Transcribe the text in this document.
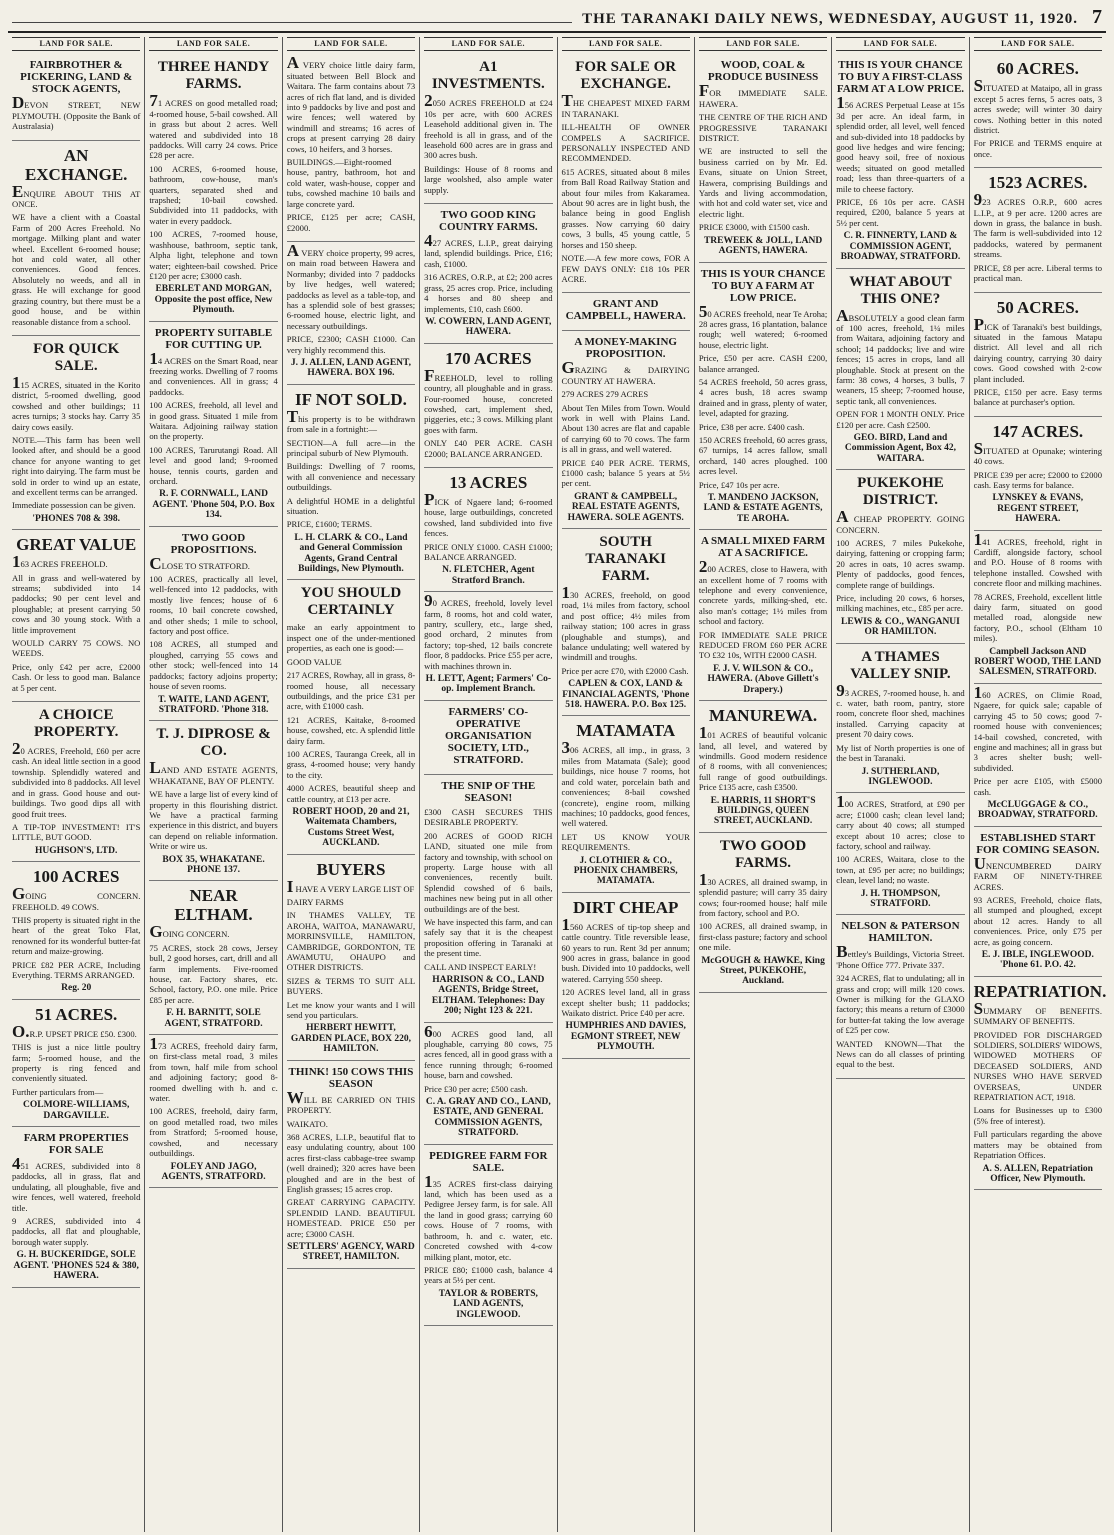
THE TARANAKI DAILY NEWS, WEDNESDAY, AUGUST 11, 1920. 7
LAND FOR SALE.
FAIRBROTHER & PICKERING, LAND & STOCK AGENTS,

DEVON STREET, NEW PLYMOUTH. (Opposite the Bank of Australasia)

AN EXCHANGE.

ENQUIRE ABOUT THIS AT ONCE.

WE have a client with a Coastal Farm of 200 Acres Freehold. No mortgage. Milking plant and water wheel. Excellent 6-roomed house; hot and cold water, all other conveniences. Good fences. Absolutely no weeds, and all in grass. He will exchange for good grazing country, but there must be a good house, and be within reasonable distance from a school.

FOR QUICK SALE.

115 ACRES, situated in the Korito district, 5-roomed dwelling, good cowshed and other buildings; 11 acres turnips; 3 stocks hay. Carry 35 dairy cows easily.

NOTE.—This farm has been well looked after, and should be a good chance for anyone wanting to get right into dairying. The farm must be sold in order to wind up an estate, and excellent terms can be arranged.

Immediate possession can be given.

'PHONES 708 & 398.
GREAT VALUE

163 ACRES FREEHOLD.

All in grass and well-watered by streams; subdivided into 14 paddocks; 90 per cent level and ploughable; at present carrying 50 cows and 30 young stock. With a little improvement

WOULD CARRY 75 COWS. NO WEEDS.

Price, only £42 per acre, £2000 Cash. Or less to good man. Balance at 5 per cent.

A CHOICE PROPERTY.

20 ACRES, Freehold, £60 per acre cash. An ideal little section in a good township. Splendidly watered and subdivided into 8 paddocks. All level and in grass. Good house and out-buildings. Two good dips all with good fruit trees.

A TIP-TOP INVESTMENT! IT'S LITTLE, BUT GOOD.

HUGHSON'S, LTD.
100 ACRES

GOING CONCERN. FREEHOLD. 49 COWS.

THIS property is situated right in the heart of the great Toko Flat, renowned for its wonderful butter-fat return and maize-growing.

PRICE £82 PER ACRE, Including Everything. TERMS ARRANGED.

Reg. 20
51 ACRES.

O.R.P. UPSET PRICE £50. £300.

THIS is just a nice little poultry farm; 5-roomed house, and the property is ring fenced and conveniently situated.

Further particulars from—

COLMORE-WILLIAMS, DARGAVILLE.
FARM PROPERTIES FOR SALE

451 ACRES, subdivided into 8 paddocks, all in grass, flat and undulating, all ploughable, five and wire fences, well watered, freehold title.

9 ACRES, subdivided into 4 paddocks, all flat and ploughable, borough water supply.

G. H. BUCKERIDGE, SOLE AGENT. 'PHONES 524 & 380, HAWERA.
LAND FOR SALE.
THREE HANDY FARMS.

71 ACRES on good metalled road; 4-roomed house, 5-bail cowshed. All in grass but about 2 acres. Well watered and subdivided into 18 paddocks. Will carry 24 cows. Price £28 per acre.

100 ACRES, 6-roomed house, bathroom, cow-house, man's quarters, separated shed and trapshed; 10-bail cowshed. Subdivided into 11 paddocks, with water in every paddock.

100 ACRES, 7-roomed house, washhouse, bathroom, septic tank, Alpha light, telephone and town water; eighteen-bail cowshed. Price £120 per acre; £3000 cash.

EBERLET AND MORGAN, Opposite the post office, New Plymouth.
PROPERTY SUITABLE FOR CUTTING UP.

14 ACRES on the Smart Road, near freezing works. Dwelling of 7 rooms and conveniences. All in grass; 4 paddocks.

100 ACRES, freehold, all level and in good grass. Situated 1 mile from Waitara. Adjoining railway station on the property.

100 ACRES, Tarurutangi Road. All level and good land; 9-roomed house, tennis courts, garden and orchard.

R. F. CORNWALL, LAND AGENT. 'Phone 504, P.O. Box 134.
TWO GOOD PROPOSITIONS.

CLOSE TO STRATFORD.

100 ACRES, practically all level, well-fenced into 12 paddocks, with mostly live fences; house of 6 rooms, 10 bail concrete cowshed, and other sheds; 1 mile to school, factory and post office.

108 ACRES, all stumped and ploughed, carrying 55 cows and other stock; well-fenced into 14 paddocks; factory adjoins property; house of seven rooms.

T. WAITE, LAND AGENT, STRATFORD. 'Phone 318.
T. J. DIPROSE & CO.

LAND AND ESTATE AGENTS, WHAKATANE, BAY OF PLENTY.

WE have a large list of every kind of property in this flourishing district. We have a practical farming experience in this district, and buyers can depend on reliable information. Write or wire us.

BOX 35, WHAKATANE. PHONE 137.
NEAR ELTHAM.

GOING CONCERN.

75 ACRES, stock 28 cows, Jersey bull, 2 good horses, cart, drill and all farm implements. Five-roomed house, car. Factory shares, etc. School, factory, P.O. one mile. Price £85 per acre.

F. H. BARNITT, SOLE AGENT, STRATFORD.

173 ACRES, freehold dairy farm, on first-class metal road, 3 miles from town, half mile from school and adjoining factory; good 8-roomed dwelling with h. and c. water.

100 ACRES, freehold, dairy farm, on good metalled road, two miles from Stratford; 5-roomed house, cowshed, and necessary outbuildings.

FOLEY AND JAGO, AGENTS, STRATFORD.
LAND FOR SALE.

A VERY choice little dairy farm, situated between Bell Block and Waitara. The farm contains about 73 acres of rich flat land, and is divided into 9 paddocks by live and post and wire fences; well watered by windmill and streams; 16 acres of crops at present carrying 28 dairy cows, 10 heifers, and 3 horses.

BUILDINGS.—Eight-roomed house, pantry, bathroom, hot and cold water, wash-house, copper and tubs, cowshed machine 10 bails and large concrete yard.

PRICE, £125 per acre; CASH, £2000.

A VERY choice property, 99 acres, on main road between Hawera and Normanby; divided into 7 paddocks by live hedges, well watered; paddocks as level as a table-top, and has a splendid sole of best grasses; 6-roomed house, electric light, and necessary outbuildings.

PRICE, £2300; CASH £1000. Can very highly recommend this.

J. J. ALLEN, LAND AGENT, HAWERA. BOX 196.
IF NOT SOLD.

This property is to be withdrawn from sale in a fortnight:—

SECTION—A full acre—in the principal suburb of New Plymouth.

Buildings: Dwelling of 7 rooms, with all convenience and necessary outbuildings.

A delightful HOME in a delightful situation.

PRICE, £1600; TERMS.

L. H. CLARK & CO., Land and General Commission Agents, Grand Central Buildings, New Plymouth.
YOU SHOULD CERTAINLY

make an early appointment to inspect one of the under-mentioned properties, as each one is good:—

GOOD VALUE

217 ACRES, Rowhay, all in grass, 8-roomed house, all necessary outbuildings, and the price £31 per acre, with £1000 cash.

121 ACRES, Kaitake, 8-roomed house, cowshed, etc. A splendid little dairy farm.

100 ACRES, Tauranga Creek, all in grass, 4-roomed house; very handy to the city.

4000 ACRES, beautiful sheep and cattle country, at £13 per acre.

ROBERT HOOD, 20 and 21, Waitemata Chambers, Customs Street West, AUCKLAND.
BUYERS

I HAVE A VERY LARGE LIST OF

DAIRY FARMS

IN THAMES VALLEY, TE AROHA, WAITOA, MANAWARU, MORRINSVILLE, HAMILTON, CAMBRIDGE, GORDONTON, TE AWAMUTU, OHAUPO and OTHER DISTRICTS.

SIZES & TERMS TO SUIT ALL BUYERS.

Let me know your wants and I will send you particulars.

HERBERT HEWITT, GARDEN PLACE, BOX 220, HAMILTON.
THINK! 150 COWS THIS SEASON

WILL BE CARRIED ON THIS PROPERTY.

WAIKATO.

368 ACRES, L.I.P., beautiful flat to easy undulating country, about 100 acres first-class cabbage-tree swamp (well drained); 320 acres have been ploughed and are in the best of English grasses; 15 acres crop.

GREAT CARRYING CAPACITY. SPLENDID LAND. BEAUTIFUL HOMESTEAD. PRICE £50 per acre; £3000 CASH.

SETTLERS' AGENCY, WARD STREET, HAMILTON.
LAND FOR SALE.
A1 INVESTMENTS.

2050 ACRES FREEHOLD at £24 10s per acre, with 600 ACRES Leasehold additional given in. The freehold is all in grass, and of the leasehold 600 acres are in grass and 300 acres bush.

Buildings: House of 8 rooms and large woolshed, also ample water supply.

TWO GOOD KING COUNTRY FARMS.

427 ACRES, L.I.P., great dairying land, splendid buildings. Price, £16; cash, £1000.

316 ACRES, O.R.P., at £2; 200 acres grass, 25 acres crop. Price, including 4 horses and 80 sheep and implements, £10, cash £600.

W. COWERN, LAND AGENT, HAWERA.
170 ACRES

FREEHOLD, level to rolling country, all ploughable and in grass. Four-roomed house, concreted cowshed, cart, implement shed, piggeries, etc.; 3 cows. Milking plant goes with farm.

ONLY £40 PER ACRE. CASH £2000; BALANCE ARRANGED.

13 ACRES

PICK of Ngaere land; 6-roomed house, large outbuildings, concreted cowshed, land subdivided into five fences.

PRICE ONLY £1000. CASH £1000; BALANCE ARRANGED.

N. FLETCHER, Agent Stratford Branch.

90 ACRES, freehold, lovely level farm, 8 rooms, hot and cold water, pantry, scullery, etc., large shed, good orchard, 2 minutes from factory; top-shed, 12 bails concrete floor, 8 paddocks. Price £55 per acre, with machines thrown in.

H. LETT, Agent; Farmers' Co-op. Implement Branch.
FARMERS' CO-OPERATIVE ORGANISATION SOCIETY, LTD., STRATFORD.
THE SNIP OF THE SEASON!

£300 CASH SECURES THIS DESIRABLE PROPERTY.

200 ACRES of GOOD RICH LAND, situated one mile from factory and township, with school on property. Large house with all conveniences, recently built. Splendid cowshed of 6 bails, machines new being put in all other outbuildings are of the best.

We have inspected this farm, and can safely say that it is the cheapest proposition offering in Taranaki at the present time.

CALL AND INSPECT EARLY!

HARRISON & CO., LAND AGENTS, Bridge Street, ELTHAM. Telephones: Day 200; Night 123 & 221.

600 ACRES good land, all ploughable, carrying 80 cows, 75 acres fenced, all in good grass with a fence running through; 6-roomed house, barn and cowshed.

Price £30 per acre; £500 cash.

C. A. GRAY AND CO., LAND, ESTATE, AND GENERAL COMMISSION AGENTS, STRATFORD.
PEDIGREE FARM FOR SALE.

135 ACRES first-class dairying land, which has been used as a Pedigree Jersey farm, is for sale. All the land in good grass; carrying 60 cows. House of 7 rooms, with bathroom, h. and c. water, etc. Concreted cowshed with 4-cow milking plant, motor, etc.

PRICE £80; £1000 cash, balance 4 years at 5½ per cent.

TAYLOR & ROBERTS, LAND AGENTS, INGLEWOOD.
LAND FOR SALE.
FOR SALE OR EXCHANGE.

THE CHEAPEST MIXED FARM IN TARANAKI.

ILL-HEALTH OF OWNER COMPELS A SACRIFICE. PERSONALLY INSPECTED AND RECOMMENDED.

615 ACRES, situated about 8 miles from Ball Road Railway Station and about four miles from Kakaramea. About 90 acres are in light bush, the balance being in good English grasses. Now carrying 60 dairy cows, 3 bulls, 45 young cattle, 5 horses and 150 sheep.

NOTE.—A few more cows, FOR A FEW DAYS ONLY: £18 10s PER ACRE.

GRANT AND CAMPBELL, HAWERA.
A MONEY-MAKING PROPOSITION.

GRAZING & DAIRYING COUNTRY AT HAWERA.

279 ACRES 279 ACRES

About Ten Miles from Town. Would work in well with Plains Land. About 130 acres are flat and capable of carrying 60 to 70 cows. The farm is all in grass, and well watered.

PRICE £40 PER ACRE. TERMS, £1000 cash; balance 5 years at 5½ per cent.

GRANT & CAMPBELL, REAL ESTATE AGENTS, HAWERA. SOLE AGENTS.
SOUTH TARANAKI FARM.

130 ACRES, freehold, on good road, 1¼ miles from factory, school and post office; 4½ miles from railway station; 100 acres in grass (ploughable and stumps), and balance undulating; well watered by windmill and troughs.

Price per acre £70, with £2000 Cash.

CAPLEN & COX, LAND & FINANCIAL AGENTS, 'Phone 518. HAWERA. P.O. Box 125.
MATAMATA

306 ACRES, all imp., in grass, 3 miles from Matamata (Sale); good buildings, nice house 7 rooms, hot and cold water, porcelain bath and conveniences; 8-bail cowshed (concrete), engine room, milking machines; 10 paddocks, good fences, well watered.

LET US KNOW YOUR REQUIREMENTS.

J. CLOTHIER & CO., PHOENIX CHAMBERS, MATAMATA.
DIRT CHEAP

1560 ACRES of tip-top sheep and cattle country. Title reversible lease, 60 years to run. Rent 3d per annum; 900 acres in grass, balance in good bush. Divided into 10 paddocks, well watered. Carrying 550 sheep.

120 ACRES level land, all in grass except shelter bush; 11 paddocks; Waikato district. Price £40 per acre.

HUMPHRIES AND DAVIES, EGMONT STREET, NEW PLYMOUTH.
LAND FOR SALE.
WOOD, COAL & PRODUCE BUSINESS

FOR IMMEDIATE SALE. HAWERA.

THE CENTRE OF THE RICH AND PROGRESSIVE TARANAKI DISTRICT.

WE are instructed to sell the business carried on by Mr. Ed. Evans, situate on Union Street, Hawera, comprising Buildings and Yards and living accommodation, with hot and cold water set, vice and electric light.

PRICE £3000, with £1500 cash.

TREWEEK & JOLL, LAND AGENTS, HAWERA.
THIS IS YOUR CHANCE TO BUY A FARM AT LOW PRICE.

50 ACRES freehold, near Te Aroha; 28 acres grass, 16 plantation, balance rough; well watered; 6-roomed house, electric light.

Price, £50 per acre. CASH £200, balance arranged.

54 ACRES freehold, 50 acres grass, 4 acres bush, 18 acres swamp drained and in grass, plenty of water, level, adapted for grazing.

Price, £38 per acre. £400 cash.

150 ACRES freehold, 60 acres grass, 67 turnips, 14 acres fallow, small orchard, 140 acres ploughed. 100 acres level.

Price, £47 10s per acre.

T. MANDENO JACKSON, LAND & ESTATE AGENTS, TE AROHA.
A SMALL MIXED FARM AT A SACRIFICE.

200 ACRES, close to Hawera, with an excellent home of 7 rooms with telephone and every convenience, concrete yards, milking-shed, etc. also man's cottage; 1½ miles from school and factory.

FOR IMMEDIATE SALE PRICE REDUCED FROM £60 PER ACRE TO £32 10s, WITH £2000 CASH.

F. J. V. WILSON & CO., HAWERA. (Above Gillett's Drapery.)
MANUREWA.

101 ACRES of beautiful volcanic land, all level, and watered by windmills. Good modern residence of 8 rooms, with all conveniences; full range of good outbuildings. Price £135 acre, cash £3500.

E. HARRIS, 11 SHORT'S BUILDINGS, QUEEN STREET, AUCKLAND.
TWO GOOD FARMS.

130 ACRES, all drained swamp, in splendid pasture; will carry 35 dairy cows; four-roomed house; half mile from factory, school and P.O.

100 ACRES, all drained swamp, in first-class pasture; factory and school one mile.

McGOUGH & HAWKE, King Street, PUKEKOHE, Auckland.
LAND FOR SALE.
THIS IS YOUR CHANCE TO BUY A FIRST-CLASS FARM AT A LOW PRICE.

156 ACRES Perpetual Lease at 15s 3d per acre. An ideal farm, in splendid order, all level, well fenced and sub-divided into 18 paddocks by good live hedges and wire fencing; good heavy soil, free of noxious weeds; situated on good metalled road; less than three-quarters of a mile to cheese factory.

PRICE, £6 10s per acre. CASH required, £200, balance 5 years at 5½ per cent.

C. R. FINNERTY, LAND & COMMISSION AGENT, BROADWAY, STRATFORD.
WHAT ABOUT THIS ONE?

ABSOLUTELY a good clean farm of 100 acres, freehold, 1¼ miles from Waitara, adjoining factory and school; 14 paddocks; live and wire fences; 15 acres in crops, land all ploughable. Stock at present on the farm: 38 cows, 4 horses, 3 bulls, 7 weaners, 15 sheep; 7-roomed house, septic tank, all conveniences.

OPEN FOR 1 MONTH ONLY. Price £120 per acre. Cash £2500.

GEO. BIRD, Land and Commission Agent, Box 42, WAITARA.
PUKEKOHE DISTRICT.

A CHEAP PROPERTY. GOING CONCERN.

100 ACRES, 7 miles Pukekohe, dairying, fattening or cropping farm; 20 acres in oats, 10 acres swamp. Plenty of paddocks, good fences, complete range of buildings.

Price, including 20 cows, 6 horses, milking machines, etc., £85 per acre.

LEWIS & CO., WANGANUI OR HAMILTON.
A THAMES VALLEY SNIP.

93 ACRES, 7-roomed house, h. and c. water, bath room, pantry, store room, concrete floor shed, machines installed. Carrying capacity at present 70 dairy cows.

My list of North properties is one of the best in Taranaki.

J. SUTHERLAND, INGLEWOOD.

100 ACRES, Stratford, at £90 per acre; £1000 cash; clean level land; carry about 40 cows; all stumped except about 10 acres; close to factory, school and railway.

100 ACRES, Waitara, close to the town, at £95 per acre; no buildings; clean, level land; no waste.

J. H. THOMPSON, STRATFORD.
NELSON & PATERSON HAMILTON.

Bettley's Buildings, Victoria Street. 'Phone Office 777. Private 337.

324 ACRES, flat to undulating; all in grass and crop; will milk 120 cows. Owner is milking for the GLAXO factory; this means a return of £3000 for butter-fat taking the low average of £25 per cow.

WANTED KNOWN—That the News can do all classes of printing equal to the best.

LAND FOR SALE.
60 ACRES.

SITUATED at Mataipo, all in grass except 5 acres ferns, 5 acres oats, 3 acres swede; will winter 30 dairy cows. Nothing better in this noted district.

For PRICE and TERMS enquire at once.

1523 ACRES.

923 ACRES O.R.P., 600 acres L.I.P., at 9 per acre. 1200 acres are down in grass, the balance in bush. The farm is well-subdivided into 12 paddocks, watered by permanent streams.

PRICE, £8 per acre. Liberal terms to practical man.

50 ACRES.

PICK of Taranaki's best buildings, situated in the famous Matapu district. All level and all rich dairying country, carrying 30 dairy cows. Good cowshed with 2-cow plant included.

PRICE, £150 per acre. Easy terms balance at purchaser's option.

147 ACRES.

SITUATED at Opunake; wintering 40 cows.

PRICE £39 per acre; £2000 to £2000 cash. Easy terms for balance.

LYNSKEY & EVANS, REGENT STREET, HAWERA.

141 ACRES, freehold, right in Cardiff, alongside factory, school and P.O. House of 8 rooms with telephone installed. Cowshed with concrete floor and milking machines.

78 ACRES, Freehold, excellent little dairy farm, situated on good metalled road, alongside new factory, P.O., school (Eltham 10 miles).

Campbell Jackson AND ROBERT WOOD, THE LAND SALESMEN, STRATFORD.

160 ACRES, on Climie Road, Ngaere, for quick sale; capable of carrying 45 to 50 cows; good 7-roomed house with conveniences; 14-bail cowshed, concreted, with engine and machines; all in grass but 3 acres shelter bush; well-subdivided.

Price per acre £105, with £5000 cash.

McCLUGGAGE & CO., BROADWAY, STRATFORD.
ESTABLISHED START FOR COMING SEASON.

UNENCUMBERED DAIRY FARM OF NINETY-THREE ACRES.

93 ACRES, Freehold, choice flats, all stumped and ploughed, except about 12 acres. Handy to all conveniences. Price, only £75 per acre, as going concern.

E. J. IBLE, INGLEWOOD. 'Phone 61. P.O. 42.
REPATRIATION.

SUMMARY OF BENEFITS. SUMMARY OF BENEFITS.

PROVIDED FOR DISCHARGED SOLDIERS, SOLDIERS' WIDOWS, WIDOWED MOTHERS OF DECEASED SOLDIERS, AND NURSES WHO HAVE SERVED OVERSEAS, UNDER REPATRIATION ACT, 1918.

Loans for Businesses up to £300 (5% free of interest).

Full particulars regarding the above matters may be obtained from Repatriation Offices.

A. S. ALLEN, Repatriation Officer, New Plymouth.
